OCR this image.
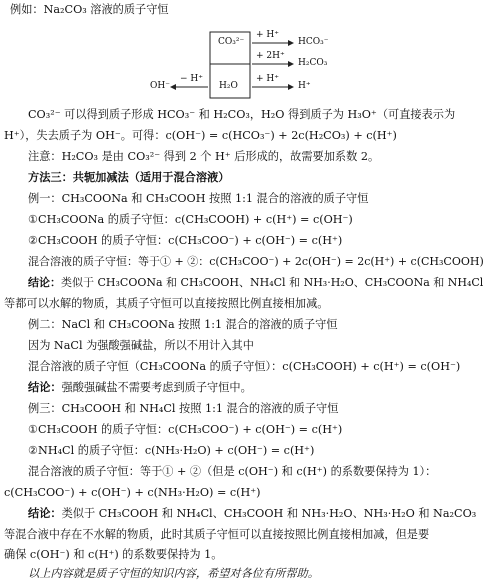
例如：Na₂CO₃ 溶液的质子守恒
CO₃²⁻
H₂O
+ H⁺
+ 2H⁺
+ H⁺
HCO₃⁻
H₂CO₃
H⁺
− H⁺
OH⁻
CO₃²⁻ 可以得到质子形成 HCO₃⁻ 和 H₂CO₃，H₂O 得到质子为 H₃O⁺（可直接表示为
H⁺），失去质子为 OH⁻。可得：c(OH⁻) = c(HCO₃⁻) + 2c(H₂CO₃) + c(H⁺)
注意：H₂CO₃ 是由 CO₃²⁻ 得到 2 个 H⁺ 后形成的，故需要加系数 2。
方法三：共轭加减法（适用于混合溶液）
例一：CH₃COONa 和 CH₃COOH 按照 1:1 混合的溶液的质子守恒
①CH₃COONa 的质子守恒：c(CH₃COOH) + c(H⁺) = c(OH⁻)
②CH₃COOH 的质子守恒：c(CH₃COO⁻) + c(OH⁻) = c(H⁺)
混合溶液的质子守恒：等于① + ②：c(CH₃COO⁻) + 2c(OH⁻) = 2c(H⁺) + c(CH₃COOH)
结论：类似于 CH₃COONa 和 CH₃COOH、NH₄Cl 和 NH₃·H₂O、CH₃COONa 和 NH₄Cl
等都可以水解的物质，其质子守恒可以直接按照比例直接相加减。
例二：NaCl 和 CH₃COONa 按照 1:1 混合的溶液的质子守恒
因为 NaCl 为强酸强碱盐，所以不用计入其中
混合溶液的质子守恒（CH₃COONa 的质子守恒）：c(CH₃COOH) + c(H⁺) = c(OH⁻)
结论：强酸强碱盐不需要考虑到质子守恒中。
例三：CH₃COOH 和 NH₄Cl 按照 1:1 混合的溶液的质子守恒
①CH₃COOH 的质子守恒：c(CH₃COO⁻) + c(OH⁻) = c(H⁺)
②NH₄Cl 的质子守恒：c(NH₃·H₂O) + c(OH⁻) = c(H⁺)
混合溶液的质子守恒：等于① + ②（但是 c(OH⁻) 和 c(H⁺) 的系数要保持为 1）：
c(CH₃COO⁻) + c(OH⁻) + c(NH₃·H₂O) = c(H⁺)
结论：类似于 CH₃COOH 和 NH₄Cl、CH₃COOH 和 NH₃·H₂O、NH₃·H₂O 和 Na₂CO₃
等混合液中存在不水解的物质，此时其质子守恒可以直接按照比例直接相加减，但是要
确保 c(OH⁻) 和 c(H⁺) 的系数要保持为 1。
以上内容就是质子守恒的知识内容，希望对各位有所帮助。
